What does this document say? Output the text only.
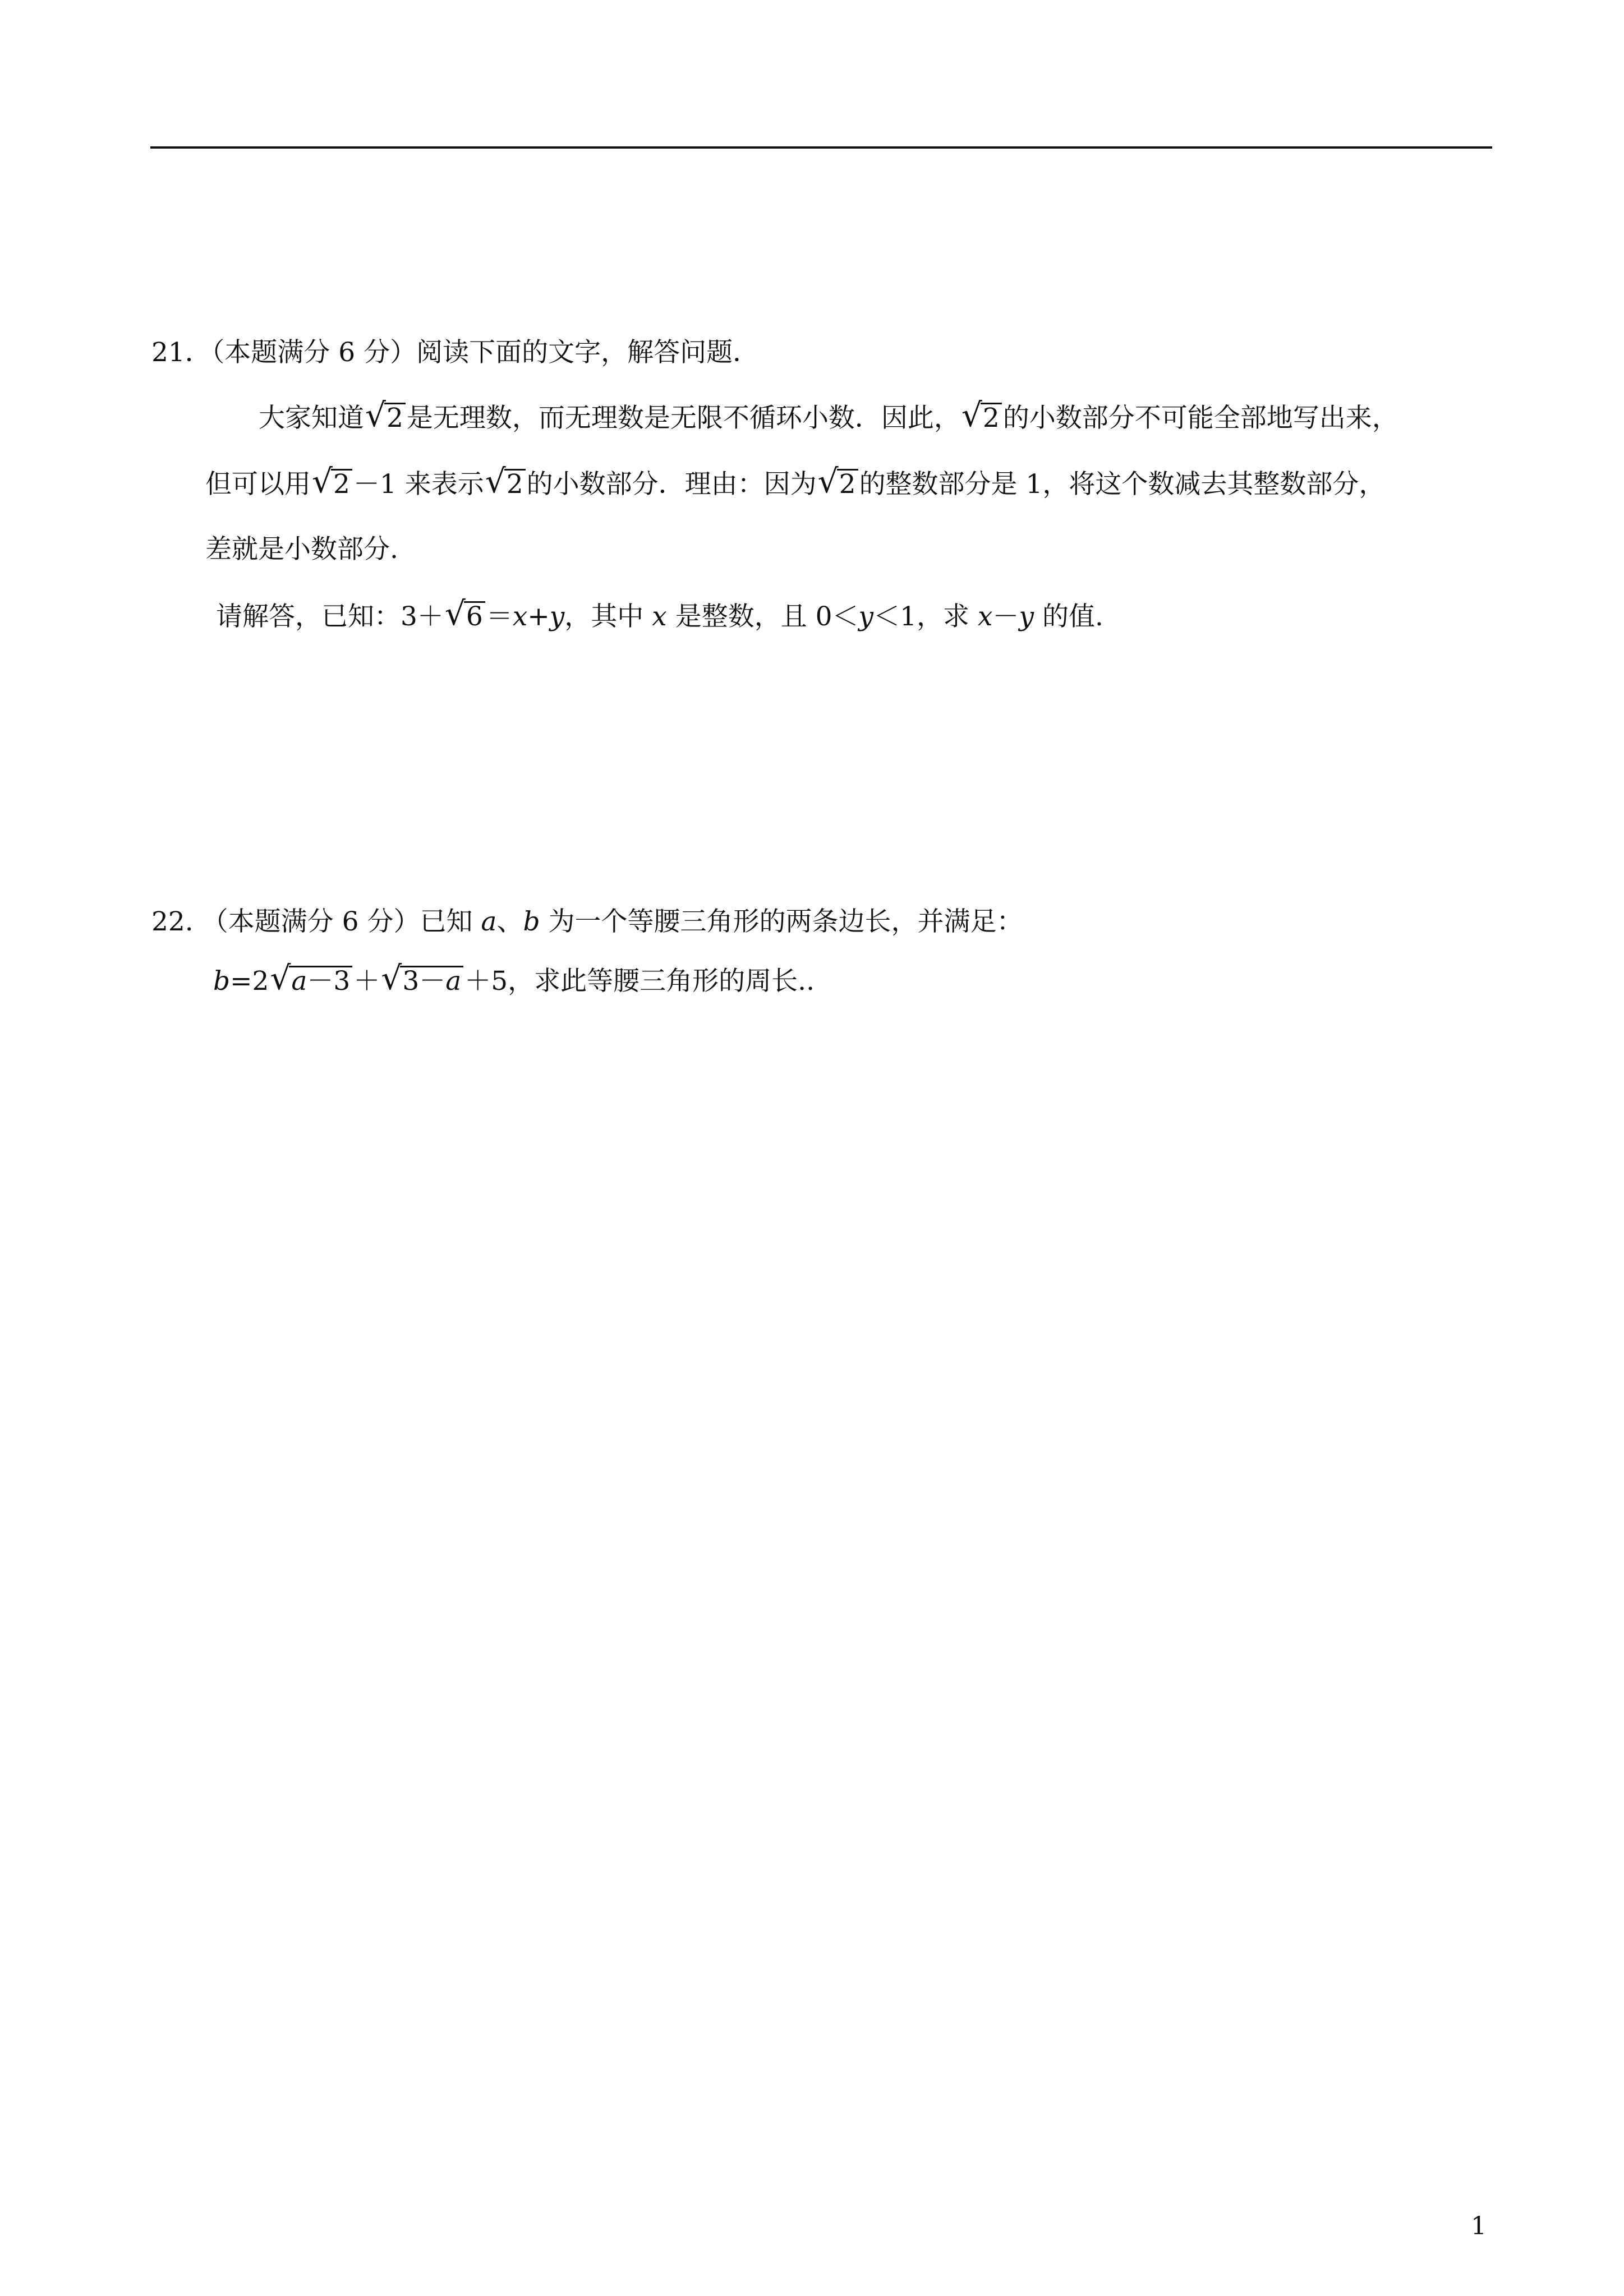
21．（本题满分 6 分）阅读下面的文字，解答问题．
大家知道 √ 2 是无理数，而无理数是无限不循环小数．因此， √ 2 的小数部分不可能全部地写出来，
但可以用 √ 2 －1 来表示 √ 2 的小数部分．理由：因为 √ 2 的整数部分是 1，将这个数减去其整数部分，
差就是小数部分.
请解答，已知：3＋ √ 6 ＝x+y，其中 x 是整数，且 0＜y＜1，求 x－y 的值.
22. （本题满分 6 分）已知 a、b 为一个等腰三角形的两条边长，并满足：
b=2 √ a－3 ＋ √ 3－a ＋5，求此等腰三角形的周长..
1
